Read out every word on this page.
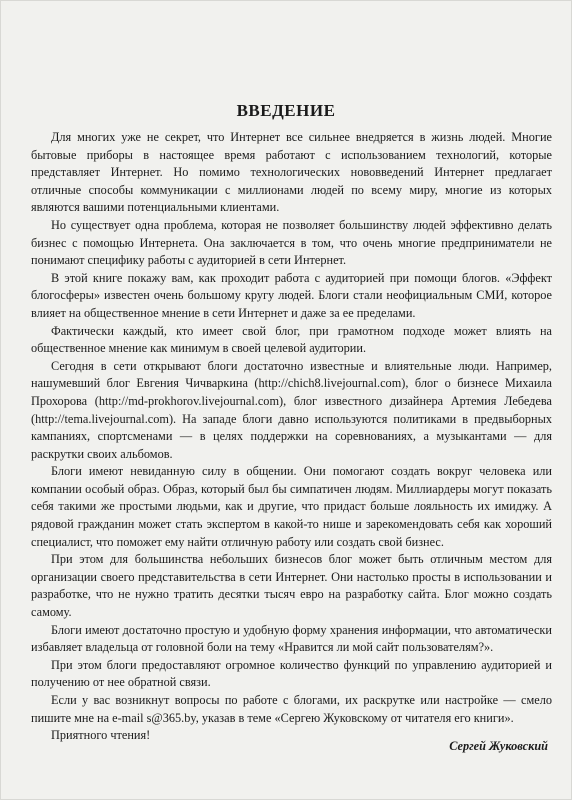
ВВЕДЕНИЕ

Для многих уже не секрет, что Интернет все сильнее внедряется в жизнь людей. Многие бытовые приборы в настоящее время работают с использованием технологий, которые представляет Интернет. Но помимо технологических нововведений Интернет предлагает отличные способы коммуникации с миллионами людей по всему миру, многие из которых являются вашими потенциальными клиентами.

Но существует одна проблема, которая не позволяет большинству людей эффективно делать бизнес с помощью Интернета. Она заключается в том, что очень многие предприниматели не понимают специфику работы с аудиторией в сети Интернет.

В этой книге покажу вам, как проходит работа с аудиторией при помощи блогов. «Эффект блогосферы» известен очень большому кругу людей. Блоги стали неофициальным СМИ, которое влияет на общественное мнение в сети Интернет и даже за ее пределами.

Фактически каждый, кто имеет свой блог, при грамотном подходе может влиять на общественное мнение как минимум в своей целевой аудитории.

Сегодня в сети открывают блоги достаточно известные и влиятельные люди. Например, нашумевший блог Евгения Чичваркина (http://chich8.livejournal.com), блог о бизнесе Михаила Прохорова (http://md-prokhorov.livejournal.com), блог известного дизайнера Артемия Лебедева (http://tema.livejournal.com). На западе блоги давно используются политиками в предвыборных кампаниях, спортсменами — в целях поддержки на соревнованиях, а музыкантами — для раскрутки своих альбомов.

Блоги имеют невиданную силу в общении. Они помогают создать вокруг человека или компании особый образ. Образ, который был бы симпатичен людям. Миллиардеры могут показать себя такими же простыми людьми, как и другие, что придаст больше лояльность их имиджу. А рядовой гражданин может стать экспертом в какой-то нише и зарекомендовать себя как хороший специалист, что поможет ему найти отличную работу или создать свой бизнес.

При этом для большинства небольших бизнесов блог может быть отличным местом для организации своего представительства в сети Интернет. Они настолько просты в использовании и разработке, что не нужно тратить десятки тысяч евро на разработку сайта. Блог можно создать самому.

Блоги имеют достаточно простую и удобную форму хранения информации, что автоматически избавляет владельца от головной боли на тему «Нравится ли мой сайт пользователям?».

При этом блоги предоставляют огромное количество функций по управлению аудиторией и получению от нее обратной связи.

Если у вас возникнут вопросы по работе с блогами, их раскрутке или настройке — смело пишите мне на e-mail s@365.by, указав в теме «Сергею Жуковскому от читателя его книги».

Приятного чтения!

Сергей Жуковский
